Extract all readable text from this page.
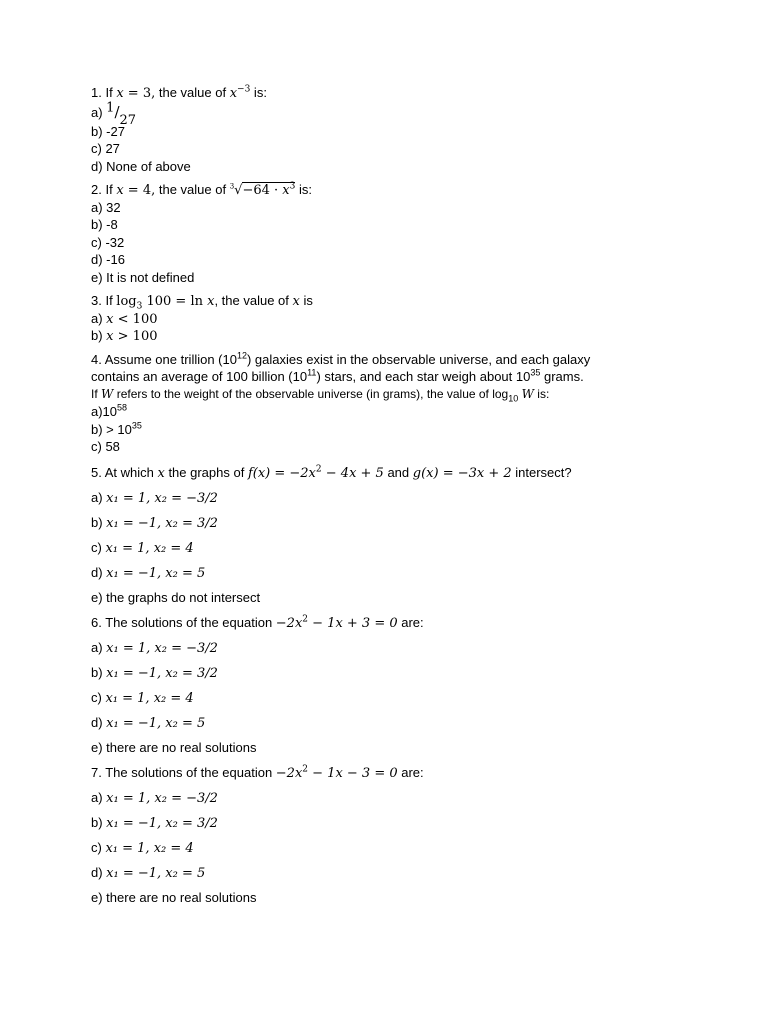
1. If x = 3, the value of $x^{-3}$ is:
a) $^1/_{27}$
b) -27
c) 27
d) None of above
2. If x = 4, the value of $^3√-64 \cdot x^3$ is:
a) 32
b) -8
c) -32
d) -16
e) It is not defined
3. If $\log_3 100 = \ln x$, the value of x is
a) x < 100
b) x > 100
4. Assume one trillion $(10^{12})$ galaxies exist in the observable universe, and each galaxy
contains an average of 100 billion $(10^{11})$ stars, and each star weigh about $10^{35}$ grams.
If W refers to the weight of the observable universe (in grams), the value of $\log_{10} W$ is:
$a)10^{58}$
$b) > 10^{35}$
c) 58
5. At which x the graphs of $f(x) = -2x^2 - 4x + 5$ and g(x) = −3x + 2 intersect?
a) x₁ = 1, x₂ = −3/2
b) x₁ = −1, x₂ = 3/2
c) x₁ = 1, x₂ = 4
d) x₁ = −1, x₂ = 5
e) the graphs do not intersect
6. The solutions of the equation $-2x^2 - 1x + 3 = 0$ are:
a) x₁ = 1, x₂ = −3/2
b) x₁ = −1, x₂ = 3/2
c) x₁ = 1, x₂ = 4
d) x₁ = −1, x₂ = 5
e) there are no real solutions
7. The solutions of the equation $-2x^2 - 1x - 3 = 0$ are:
a) x₁ = 1, x₂ = −3/2
b) x₁ = −1, x₂ = 3/2
c) x₁ = 1, x₂ = 4
d) x₁ = −1, x₂ = 5
e) there are no real solutions
